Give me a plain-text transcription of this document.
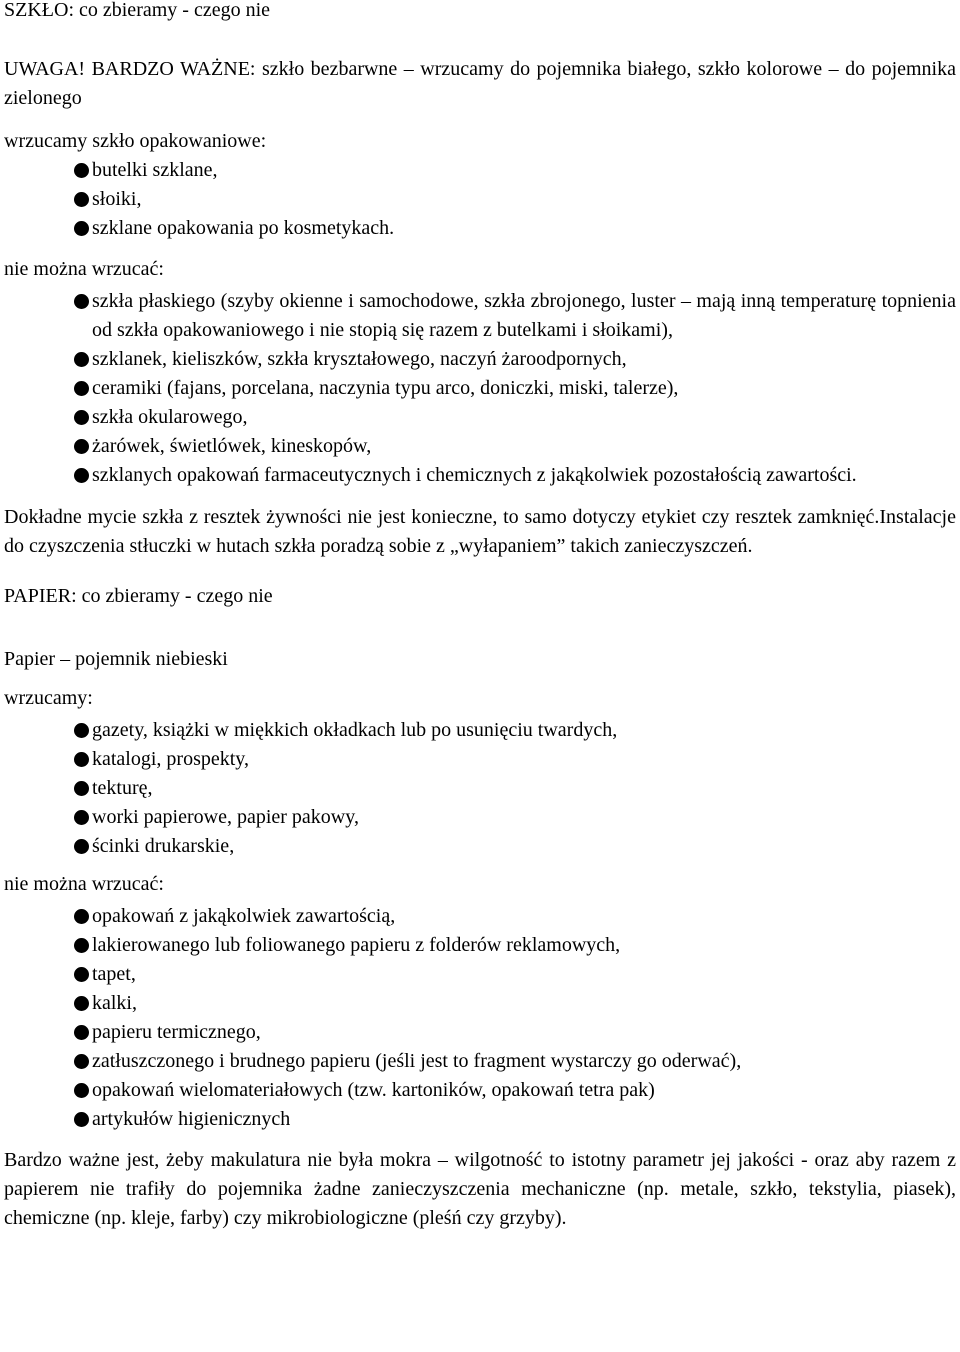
SZKŁO: co zbieramy - czego nie

UWAGA! BARDZO WAŻNE: szkło bezbarwne – wrzucamy do pojemnika białego, szkło kolorowe – do pojemnika zielonego

wrzucamy szkło opakowaniowe:

butelki szklane,
słoiki,
szklane opakowania po kosmetykach.

nie można wrzucać:

szkła płaskiego (szyby okienne i samochodowe, szkła zbrojonego, luster – mają inną temperaturę topnienia od szkła opakowaniowego i nie stopią się razem z butelkami i słoikami),
szklanek, kieliszków, szkła kryształowego, naczyń żaroodpornych,
ceramiki (fajans, porcelana, naczynia typu arco, doniczki, miski, talerze),
szkła okularowego,
żarówek, świetlówek, kineskopów,
szklanych opakowań farmaceutycznych i chemicznych z jakąkolwiek pozostałością zawartości.

Dokładne mycie szkła z resztek żywności nie jest konieczne, to samo dotyczy etykiet czy resztek zamknięć.Instalacje do czyszczenia stłuczki w hutach szkła poradzą sobie z „wyłapaniem” takich zanieczyszczeń.

PAPIER: co zbieramy - czego nie

Papier – pojemnik niebieski

wrzucamy:

gazety, książki w miękkich okładkach lub po usunięciu twardych,
katalogi, prospekty,
tekturę,
worki papierowe, papier pakowy,
ścinki drukarskie,

nie można wrzucać:

opakowań z jakąkolwiek zawartością,
lakierowanego lub foliowanego papieru z folderów reklamowych,
tapet,
kalki,
papieru termicznego,
zatłuszczonego i brudnego papieru (jeśli jest to fragment wystarczy go oderwać),
opakowań wielomateriałowych (tzw. kartoników, opakowań tetra pak)
artykułów higienicznych

Bardzo ważne jest, żeby makulatura nie była mokra – wilgotność to istotny parametr jej jakości - oraz aby razem z papierem nie trafiły do pojemnika żadne zanieczyszczenia mechaniczne (np. metale, szkło, tekstylia, piasek), chemiczne (np. kleje, farby) czy mikrobiologiczne (pleśń czy grzyby).
